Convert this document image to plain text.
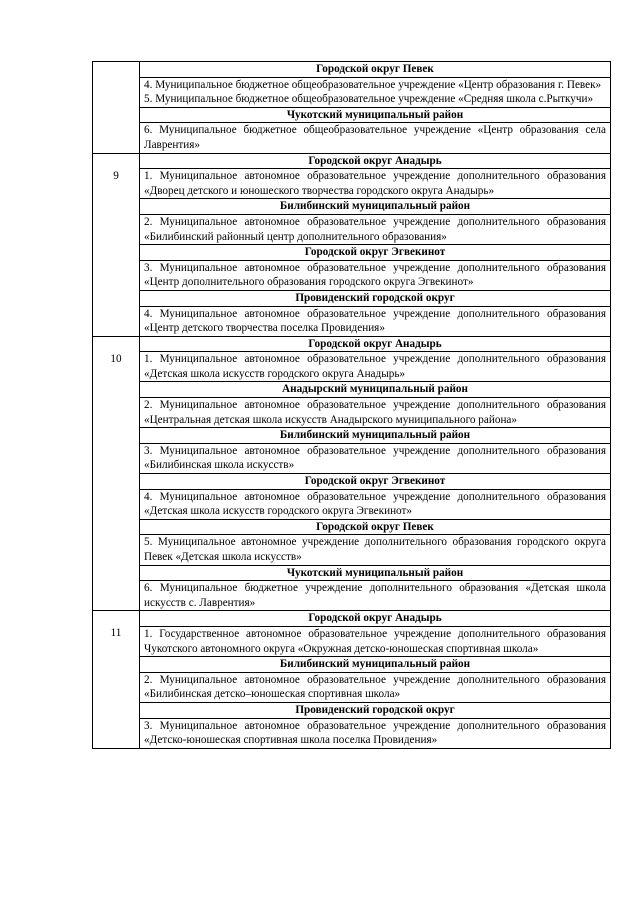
	Городской округ Певек

	4. Муниципальное бюджетное общеобразовательное учреждение «Центр образования г. Певек»

5. Муниципальное бюджетное общеобразовательное учреждение «Средняя школа с.Рыткучи»

	Чукотский муниципальный район

	6. Муниципальное бюджетное общеобразовательное учреждение «Центр образования села Лаврентия»

9	Городской округ Анадырь

	1. Муниципальное автономное образовательное учреждение дополнительного образования «Дворец детского и юношеского творчества городского округа Анадырь»

	Билибинский муниципальный район

	2. Муниципальное автономное образовательное учреждение дополнительного образования «Билибинский районный центр дополнительного образования»

	Городской округ Эгвекинот

	3. Муниципальное автономное образовательное учреждение дополнительного образования «Центр дополнительного образования городского округа Эгвекинот»

	Провиденский городской округ

	4. Муниципальное автономное образовательное учреждение дополнительного образования «Центр детского творчества поселка Провидения»

10	Городской округ Анадырь

	1. Муниципальное автономное образовательное учреждение дополнительного образования «Детская школа искусств городского округа Анадырь»

	Анадырский муниципальный район

	2. Муниципальное автономное образовательное учреждение дополнительного образования «Центральная детская школа искусств Анадырского муниципального района»

	Билибинский муниципальный район

	3. Муниципальное автономное образовательное учреждение дополнительного образования «Билибинская школа искусств»

	Городской округ Эгвекинот

	4. Муниципальное автономное образовательное учреждение дополнительного образования «Детская школа искусств городского округа Эгвекинот»

	Городской округ Певек

	5. Муниципальное автономное учреждение дополнительного образования городского округа Певек «Детская школа искусств»

	Чукотский муниципальный район

	6. Муниципальное бюджетное учреждение дополнительного образования «Детская школа искусств с. Лаврентия»

11	Городской округ Анадырь

	1. Государственное автономное образовательное учреждение дополнительного образования Чукотского автономного округа «Окружная детско-юношеская спортивная школа»

	Билибинский муниципальный район

	2. Муниципальное автономное образовательное учреждение дополнительного образования «Билибинская детско–юношеская спортивная школа»

	Провиденский городской округ

	3. Муниципальное автономное образовательное учреждение дополнительного образования «Детско-юношеская спортивная школа поселка Провидения»
